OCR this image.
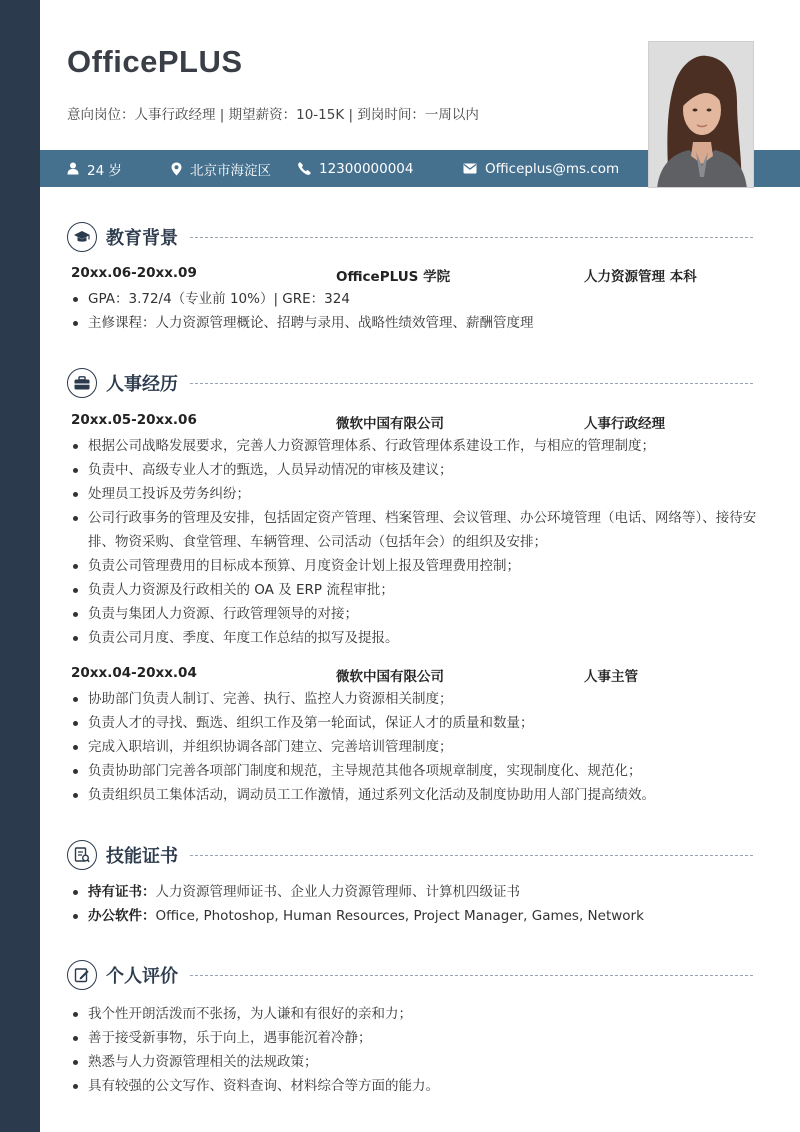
OfficePLUS
意向岗位：人事行政经理 | 期望薪资：10-15K | 到岗时间：一周以内
24 岁	北京市海淀区	12300000004	Officeplus@ms.com
教育背景
20xx.06-20xx.09	OfficePLUS 学院	人力资源管理 本科
GPA：3.72/4（专业前 10%）| GRE：324
主修课程：人力资源管理概论、招聘与录用、战略性绩效管理、薪酬管度理
人事经历
20xx.05-20xx.06	微软中国有限公司	人事行政经理
根据公司战略发展要求，完善人力资源管理体系、行政管理体系建设工作，与相应的管理制度；
负责中、高级专业人才的甄选，人员异动情况的审核及建议；
处理员工投诉及劳务纠纷；
公司行政事务的管理及安排，包括固定资产管理、档案管理、会议管理、办公环境管理（电话、网络等）、接待安排、物资采购、食堂管理、车辆管理、公司活动（包括年会）的组织及安排；
负责公司管理费用的目标成本预算、月度资金计划上报及管理费用控制；
负责人力资源及行政相关的 OA 及 ERP 流程审批；
负责与集团人力资源、行政管理领导的对接；
负责公司月度、季度、年度工作总结的拟写及提报。
20xx.04-20xx.04	微软中国有限公司	人事主管
协助部门负责人制订、完善、执行、监控人力资源相关制度；
负责人才的寻找、甄选、组织工作及第一轮面试，保证人才的质量和数量；
完成入职培训，并组织协调各部门建立、完善培训管理制度；
负责协助部门完善各项部门制度和规范，主导规范其他各项规章制度，实现制度化、规范化；
负责组织员工集体活动，调动员工工作激情，通过系列文化活动及制度协助用人部门提高绩效。
技能证书
持有证书：人力资源管理师证书、企业人力资源管理师、计算机四级证书
办公软件：Office, Photoshop, Human Resources, Project Manager, Games, Network
个人评价
我个性开朗活泼而不张扬，为人谦和有很好的亲和力；
善于接受新事物，乐于向上，遇事能沉着冷静；
熟悉与人力资源管理相关的法规政策；
具有较强的公文写作、资料查询、材料综合等方面的能力。
